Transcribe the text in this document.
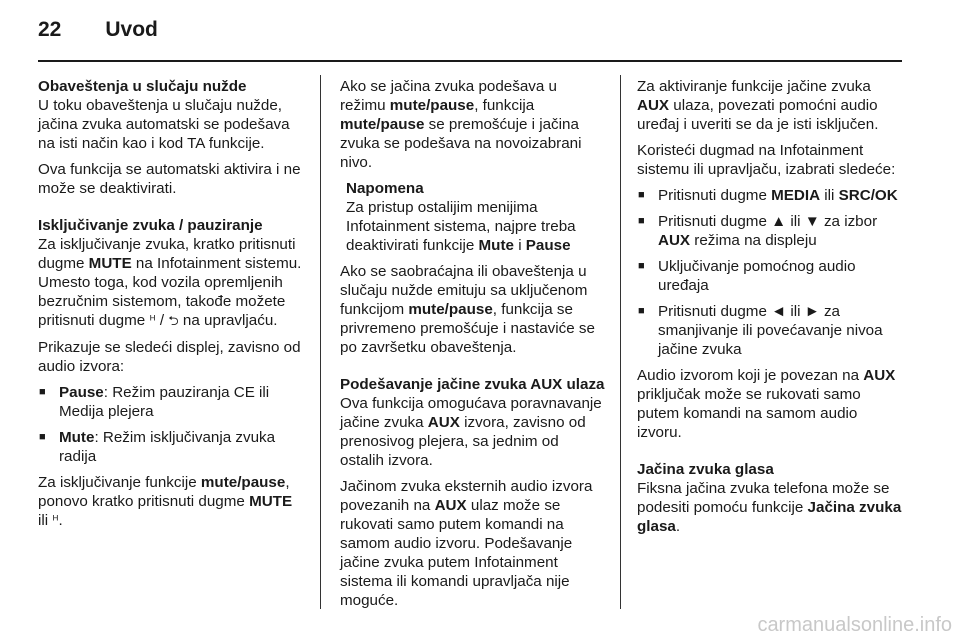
22 Uvod
Obaveštenja u slučaju nužde

U toku obaveštenja u slučaju nužde, jačina zvuka automatski se podešava na isti način kao i kod TA funkcije.

Ova funkcija se automatski aktivira i ne može se deaktivirati.

Isključivanje zvuka / pauziranje

Za isključivanje zvuka, kratko pritisnuti dugme MUTE na Infotainment sistemu. Umesto toga, kod vozila opremljenih bezručnim sistemom, takođe možete pritisnuti dugme ᵸ / ⮌ na upravljaću.

Prikazuje se sledeći displej, zavisno od audio izvora:

■ Pause: Režim pauziranja CE ili Medija plejera
■ Mute: Režim isključivanja zvuka radija

Za isključivanje funkcije mute/pause, ponovo kratko pritisnuti dugme MUTE ili ᵸ.

Ako se jačina zvuka podešava u režimu mute/pause, funkcija mute/pause se premošćuje i jačina zvuka se podešava na novoizabrani nivo.

Napomena
Za pristup ostalijim menijima Infotainment sistema, najpre treba deaktivirati funkcije Mute i Pause

Ako se saobraćajna ili obaveštenja u slučaju nužde emituju sa uključenom funkcijom mute/pause, funkcija se privremeno premošćuje i nastaviće se po završetku obaveštenja.

Podešavanje jačine zvuka AUX ulaza

Ova funkcija omogućava poravnavanje jačine zvuka AUX izvora, zavisno od prenosivog plejera, sa jednim od ostalih izvora.

Jačinom zvuka eksternih audio izvora povezanih na AUX ulaz može se rukovati samo putem komandi na samom audio izvoru. Podešavanje jačine zvuka putem Infotainment sistema ili komandi upravljača nije moguće.

Za aktiviranje funkcije jačine zvuka AUX ulaza, povezati pomoćni audio uređaj i uveriti se da je isti isključen.

Koristeći dugmad na Infotainment sistemu ili upravljaču, izabrati sledeće:

■ Pritisnuti dugme MEDIA ili SRC/OK
■ Pritisnuti dugme ▲ ili ▼ za izbor AUX režima na displeju
■ Uključivanje pomoćnog audio uređaja
■ Pritisnuti dugme ◄ ili ► za smanjivanje ili povećavanje nivoa jačine zvuka

Audio izvorom koji je povezan na AUX priključak može se rukovati samo putem komandi na samom audio izvoru.

Jačina zvuka glasa

Fiksna jačina zvuka telefona može se podesiti pomoću funkcije Jačina zvuka glasa.

carmanualsonline.info
